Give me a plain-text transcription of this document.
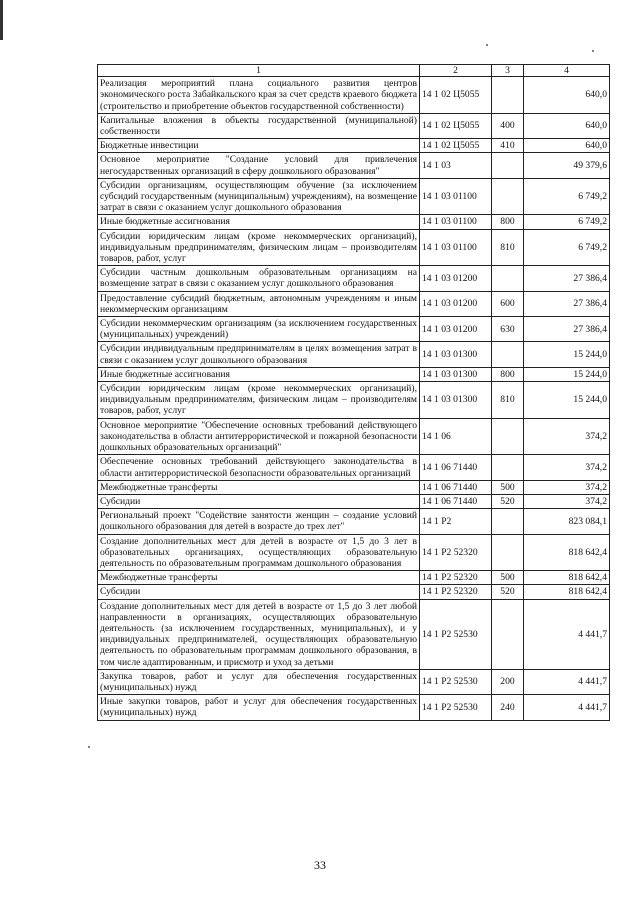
1	2	3	4
Реализация мероприятий плана социального развития центров экономического роста Забайкальского края за счет средств краевого бюджета (строительство и приобретение объектов государственной собственности)	14 1 02 Ц5055		640,0
Капитальные вложения в объекты государственной (муниципальной) собственности	14 1 02 Ц5055	400	640,0
Бюджетные инвестиции	14 1 02 Ц5055	410	640,0
Основное мероприятие "Создание условий для привлечения негосударственных организаций в сферу дошкольного образования"	14 1 03		49 379,6
Субсидии организациям, осуществляющим обучение (за исключением субсидий государственным (муниципальным) учреждениям), на возмещение затрат в связи с оказанием услуг дошкольного образования	14 1 03 01100		6 749,2
Иные бюджетные ассигнования	14 1 03 01100	800	6 749,2
Субсидии юридическим лицам (кроме некоммерческих организаций), индивидуальным предпринимателям, физическим лицам – производителям товаров, работ, услуг	14 1 03 01100	810	6 749,2
Субсидии частным дошкольным образовательным организациям на возмещение затрат в связи с оказанием услуг дошкольного образования	14 1 03 01200		27 386,4
Предоставление субсидий бюджетным, автономным учреждениям и иным некоммерческим организациям	14 1 03 01200	600	27 386,4
Субсидии некоммерческим организациям (за исключением государственных (муниципальных) учреждений)	14 1 03 01200	630	27 386,4
Субсидии индивидуальным предпринимателям в целях возмещения затрат в связи с оказанием услуг дошкольного образования	14 1 03 01300		15 244,0
Иные бюджетные ассигнования	14 1 03 01300	800	15 244,0
Субсидии юридическим лицам (кроме некоммерческих организаций), индивидуальным предпринимателям, физическим лицам – производителям товаров, работ, услуг	14 1 03 01300	810	15 244,0
Основное мероприятие "Обеспечение основных требований действующего законодательства в области антитеррористической и пожарной безопасности дошкольных образовательных организаций"	14 1 06		374,2
Обеспечение основных требований действующего законодательства в области антитеррористической безопасности образовательных организаций	14 1 06 71440		374,2
Межбюджетные трансферты	14 1 06 71440	500	374,2
Субсидии	14 1 06 71440	520	374,2
Региональный проект "Содействие занятости женщин – создание условий дошкольного образования для детей в возрасте до трех лет"	14 1 P2		823 084,1
Создание дополнительных мест для детей в возрасте от 1,5 до 3 лет в образовательных организациях, осуществляющих образовательную деятельность по образовательным программам дошкольного образования	14 1 P2 52320		818 642,4
Межбюджетные трансферты	14 1 P2 52320	500	818 642,4
Субсидии	14 1 P2 52320	520	818 642,4
Создание дополнительных мест для детей в возрасте от 1,5 до 3 лет любой направленности в организациях, осуществляющих образовательную деятельность (за исключением государственных, муниципальных), и у индивидуальных предпринимателей, осуществляющих образовательную деятельность по образовательным программам дошкольного образования, в том числе адаптированным, и присмотр и уход за детьми	14 1 P2 52530		4 441,7
Закупка товаров, работ и услуг для обеспечения государственных (муниципальных) нужд	14 1 P2 52530	200	4 441,7
Иные закупки товаров, работ и услуг для обеспечения государственных (муниципальных) нужд	14 1 P2 52530	240	4 441,7
33
